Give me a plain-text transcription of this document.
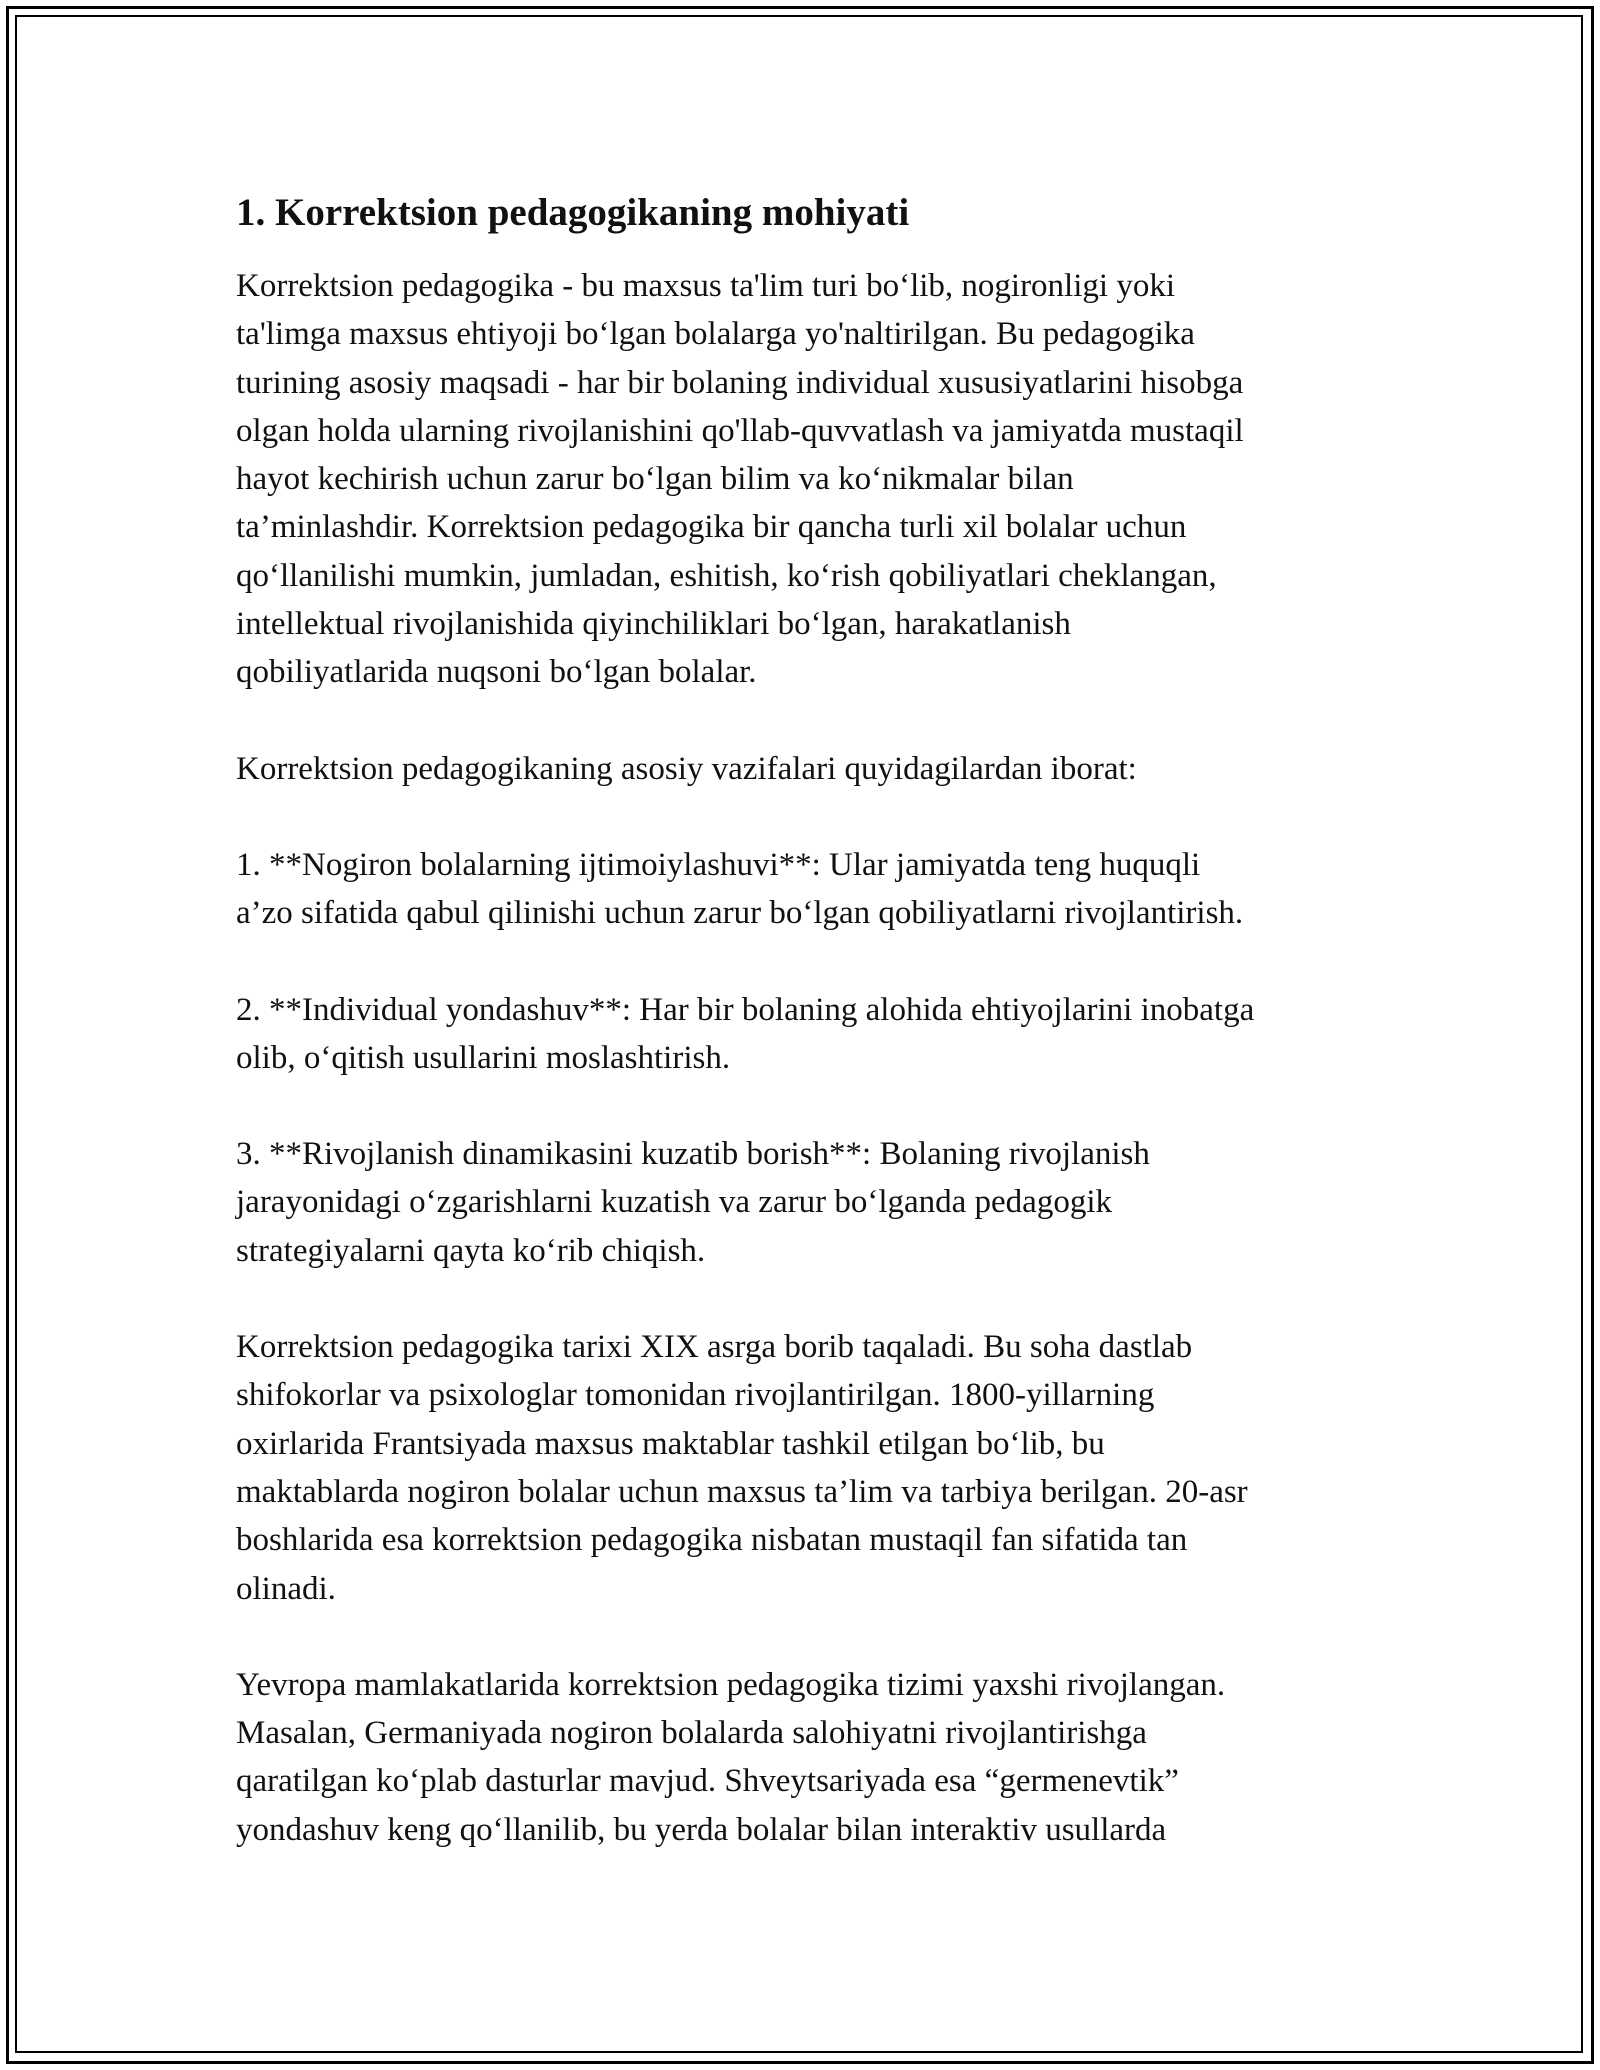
1. Korrektsion pedagogikaning mohiyati

Korrektsion pedagogika - bu maxsus ta'lim turi bo‘lib, nogironligi yoki
ta'limga maxsus ehtiyoji bo‘lgan bolalarga yo'naltirilgan. Bu pedagogika
turining asosiy maqsadi - har bir bolaning individual xususiyatlarini hisobga
olgan holda ularning rivojlanishini qo'llab-quvvatlash va jamiyatda mustaqil
hayot kechirish uchun zarur bo‘lgan bilim va ko‘nikmalar bilan
ta’minlashdir. Korrektsion pedagogika bir qancha turli xil bolalar uchun
qo‘llanilishi mumkin, jumladan, eshitish, ko‘rish qobiliyatlari cheklangan,
intellektual rivojlanishida qiyinchiliklari bo‘lgan, harakatlanish
qobiliyatlarida nuqsoni bo‘lgan bolalar.

Korrektsion pedagogikaning asosiy vazifalari quyidagilardan iborat:

1. **Nogiron bolalarning ijtimoiylashuvi**: Ular jamiyatda teng huquqli
a’zo sifatida qabul qilinishi uchun zarur bo‘lgan qobiliyatlarni rivojlantirish.

2. **Individual yondashuv**: Har bir bolaning alohida ehtiyojlarini inobatga
olib, o‘qitish usullarini moslashtirish.

3. **Rivojlanish dinamikasini kuzatib borish**: Bolaning rivojlanish
jarayonidagi o‘zgarishlarni kuzatish va zarur bo‘lganda pedagogik
strategiyalarni qayta ko‘rib chiqish.

Korrektsion pedagogika tarixi XIX asrga borib taqaladi. Bu soha dastlab
shifokorlar va psixologlar tomonidan rivojlantirilgan. 1800-yillarning
oxirlarida Frantsiyada maxsus maktablar tashkil etilgan bo‘lib, bu
maktablarda nogiron bolalar uchun maxsus ta’lim va tarbiya berilgan. 20-asr
boshlarida esa korrektsion pedagogika nisbatan mustaqil fan sifatida tan
olinadi.

Yevropa mamlakatlarida korrektsion pedagogika tizimi yaxshi rivojlangan.
Masalan, Germaniyada nogiron bolalarda salohiyatni rivojlantirishga
qaratilgan ko‘plab dasturlar mavjud. Shveytsariyada esa “germenevtik”
yondashuv keng qo‘llanilib, bu yerda bolalar bilan interaktiv usullarda
